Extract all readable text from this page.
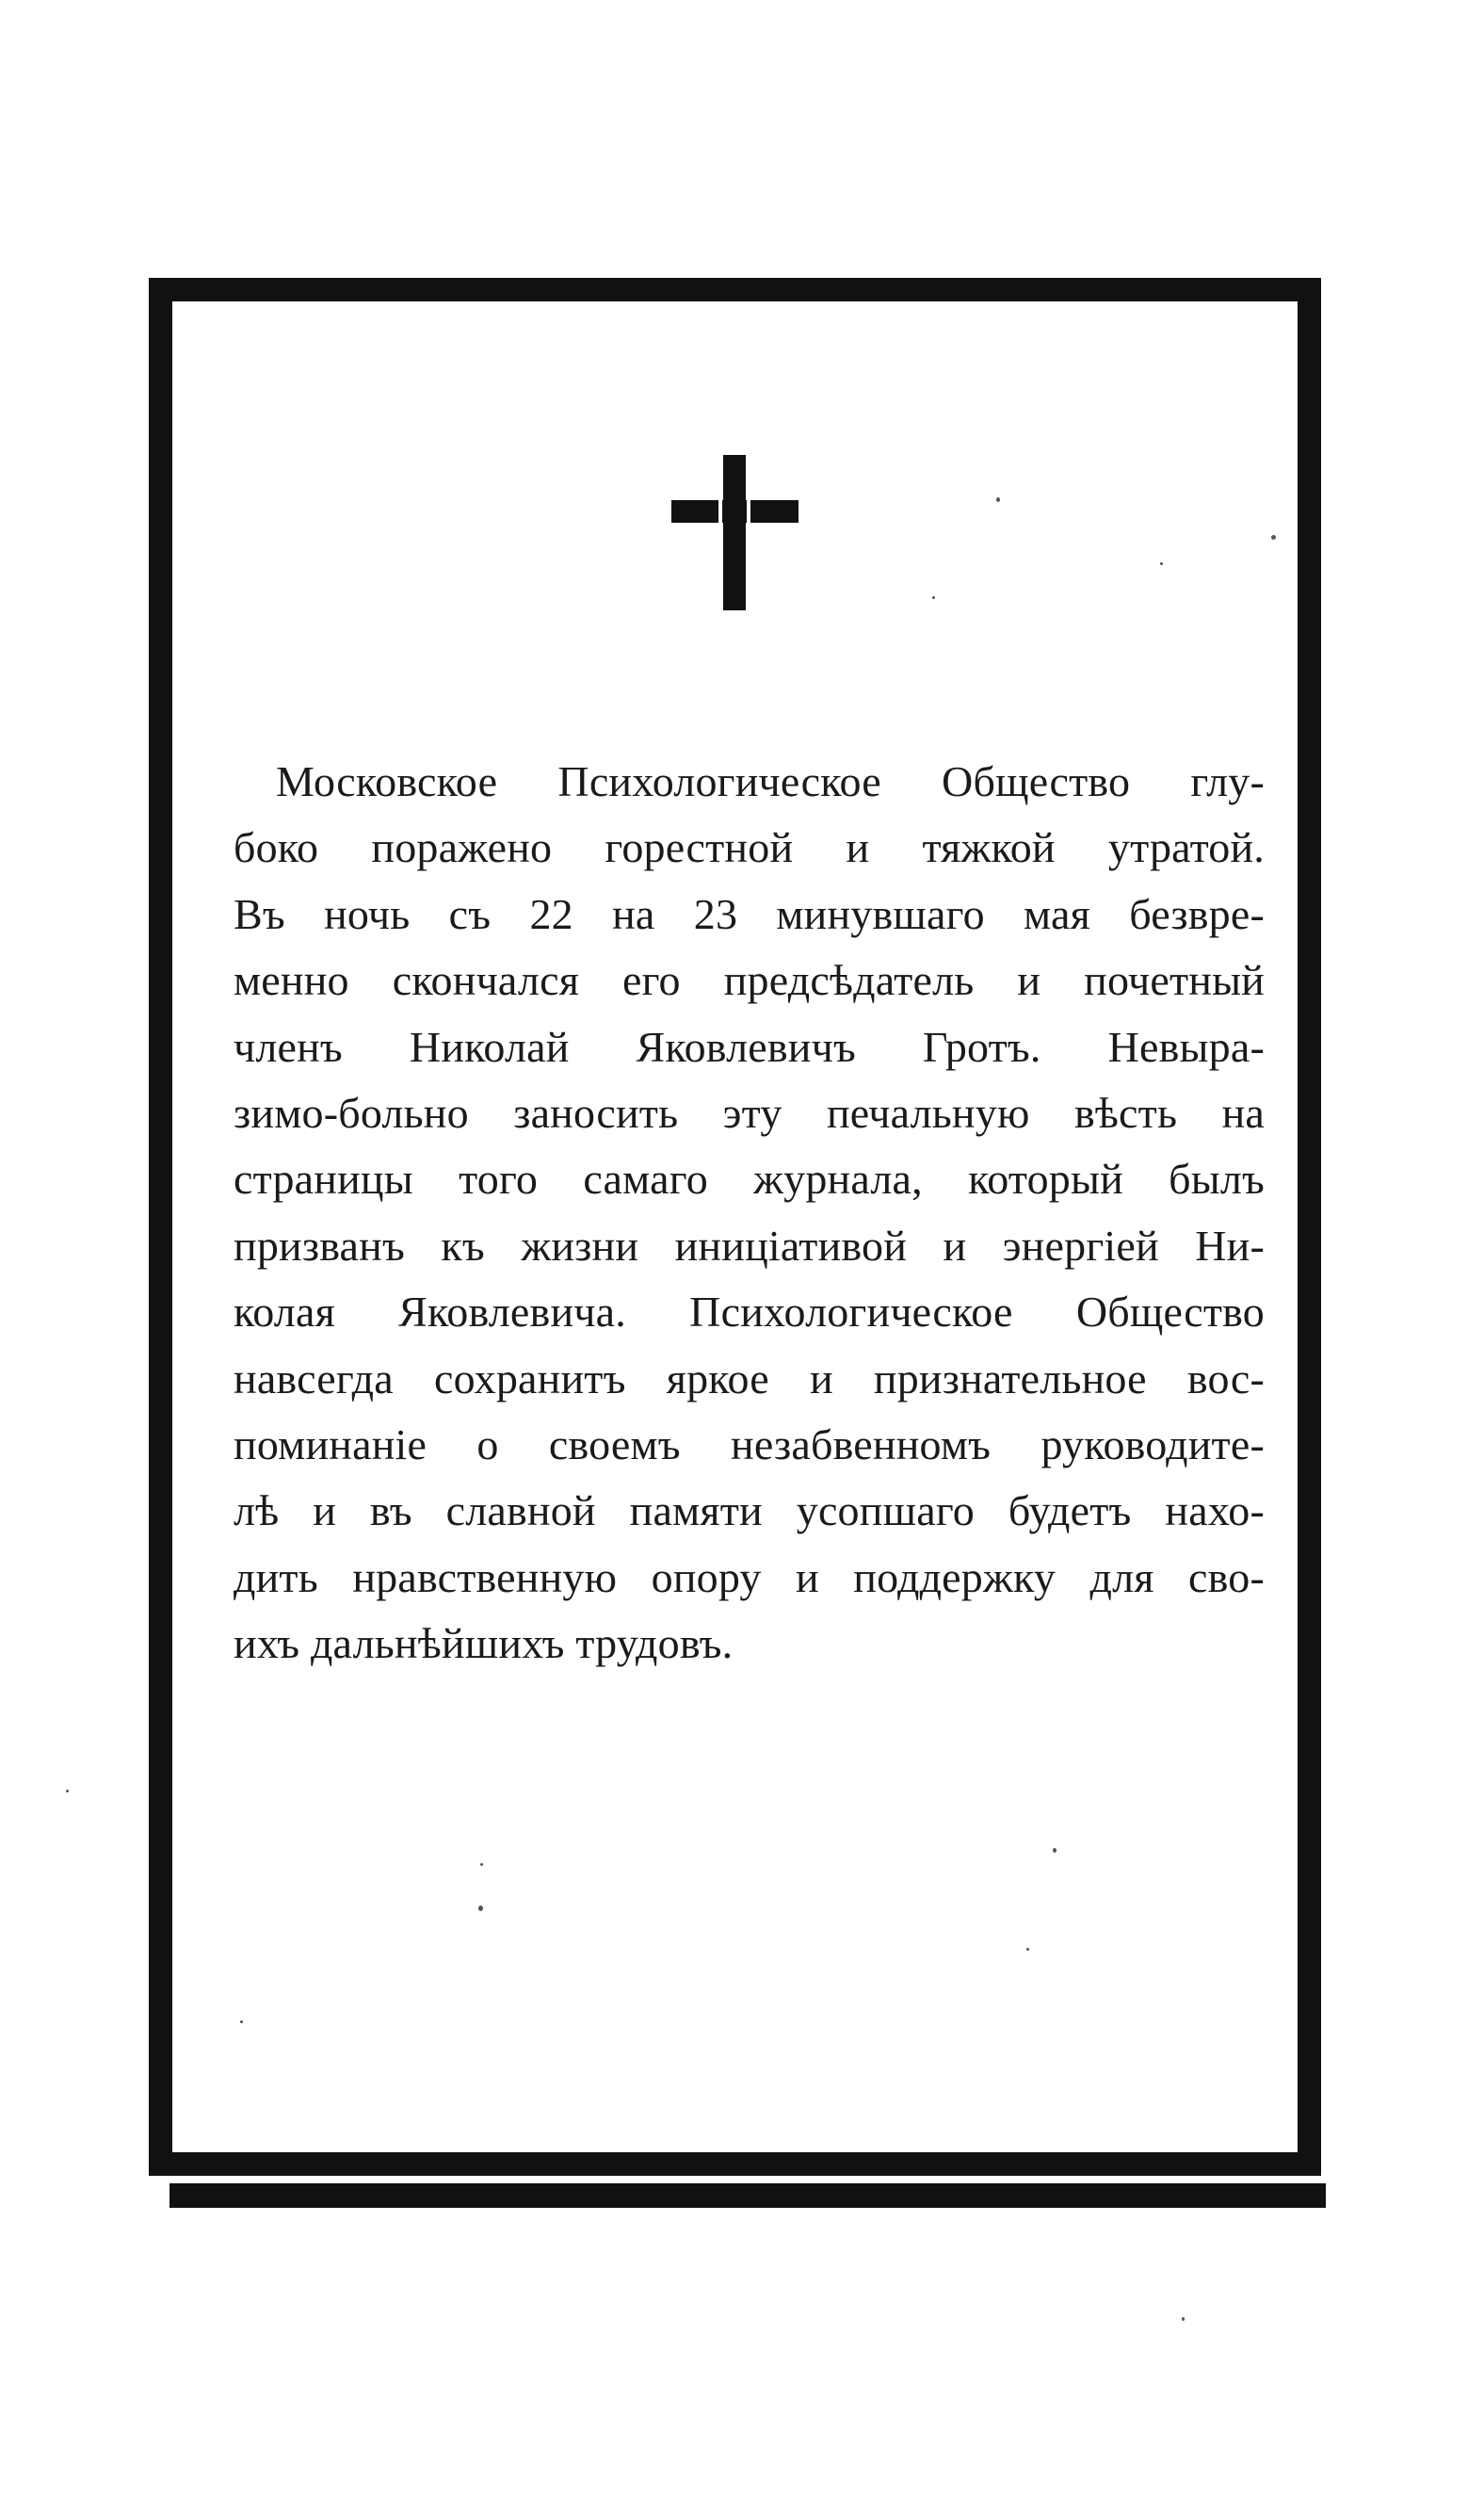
Московское Психологическое Общество глу-
боко поражено горестной и тяжкой утратой.
Въ ночь съ 22 на 23 минувшаго мая безвре-
менно скончался его предсѣдатель и почетный
членъ Николай Яковлевичъ Гротъ. Невыра-
зимо-больно заносить эту печальную вѣсть на
страницы того самаго журнала, который былъ
призванъ къ жизни иниціативой и энергіей Ни-
колая Яковлевича. Психологическое Общество
навсегда сохранитъ яркое и признательное вос-
поминаніе о своемъ незабвенномъ руководите-
лѣ и въ славной памяти усопшаго будетъ нахо-
дить нравственную опору и поддержку для сво-
ихъ дальнѣйшихъ трудовъ.
